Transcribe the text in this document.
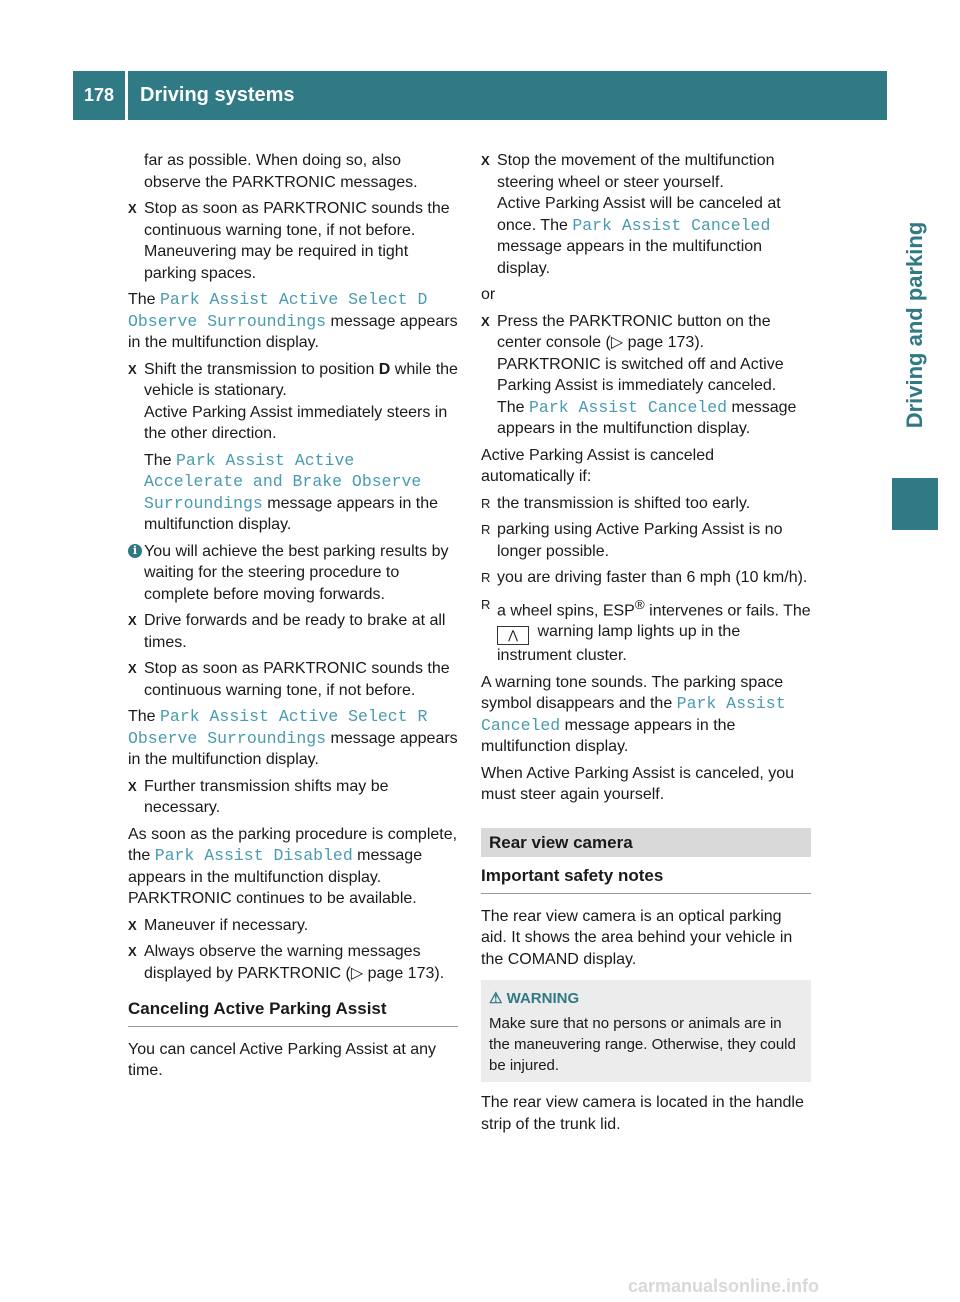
178	Driving systems
Driving and parking

far as possible. When doing so, also observe the PARKTRONIC messages.

X Stop as soon as PARKTRONIC sounds the continuous warning tone, if not before. Maneuvering may be required in tight parking spaces.

The Park Assist Active Select D Observe Surroundings message appears in the multifunction display.

X Shift the transmission to position D while the vehicle is stationary.
Active Parking Assist immediately steers in the other direction.

The Park Assist Active Accelerate and Brake Observe Surroundings message appears in the multifunction display.

i You will achieve the best parking results by waiting for the steering procedure to complete before moving forwards.
X Drive forwards and be ready to brake at all times.
X Stop as soon as PARKTRONIC sounds the continuous warning tone, if not before.

The Park Assist Active Select R Observe Surroundings message appears in the multifunction display.

X Further transmission shifts may be necessary.

As soon as the parking procedure is complete, the Park Assist Disabled message appears in the multifunction display. PARKTRONIC continues to be available.

X Maneuver if necessary.
X Always observe the warning messages displayed by PARKTRONIC (▷ page 173).
Canceling Active Parking Assist

You can cancel Active Parking Assist at any time.

X Stop the movement of the multifunction steering wheel or steer yourself.
Active Parking Assist will be canceled at once. The Park Assist Canceled message appears in the multifunction display.

or

X Press the PARKTRONIC button on the center console (▷ page 173).
PARKTRONIC is switched off and Active Parking Assist is immediately canceled.
The Park Assist Canceled message appears in the multifunction display.

Active Parking Assist is canceled automatically if:

R the transmission is shifted too early.
R parking using Active Parking Assist is no longer possible.
R you are driving faster than 6 mph (10 km/h).
R a wheel spins, ESP® intervenes or fails. The
⋀ warning lamp lights up in the instrument cluster.

A warning tone sounds. The parking space symbol disappears and the Park Assist Canceled message appears in the multifunction display.

When Active Parking Assist is canceled, you must steer again yourself.

Rear view camera
Important safety notes

The rear view camera is an optical parking aid. It shows the area behind your vehicle in the COMAND display.

⚠ WARNING
Make sure that no persons or animals are in the maneuvering range. Otherwise, they could be injured.

The rear view camera is located in the handle strip of the trunk lid.

carmanualsonline.info
